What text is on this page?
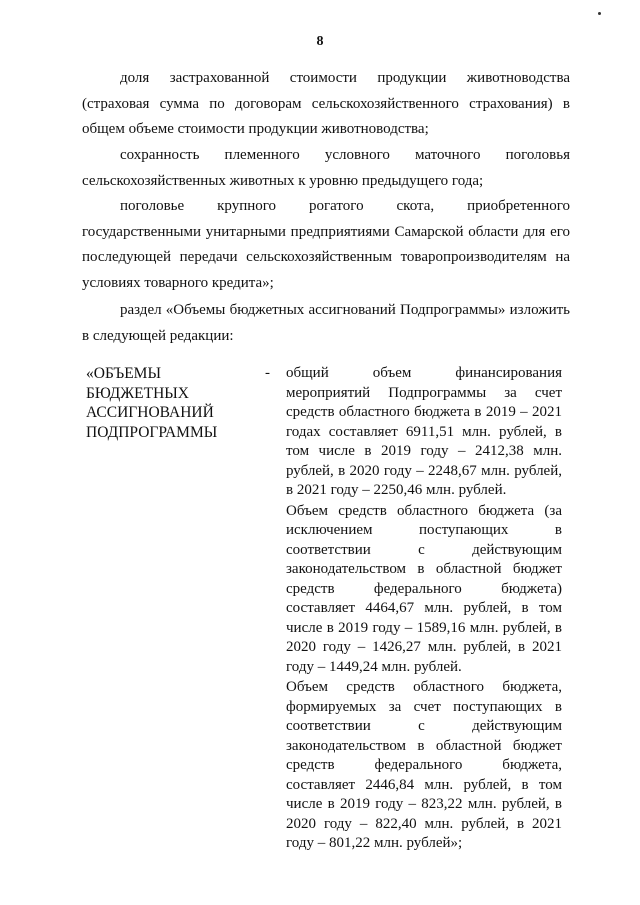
8

доля застрахованной стоимости продукции животноводства (страховая сумма по договорам сельскохозяйственного страхования) в общем объеме стоимости продукции животноводства;

сохранность племенного условного маточного поголовья сельскохозяйственных животных к уровню предыдущего года;

поголовье крупного рогатого скота, приобретенного государственными унитарными предприятиями Самарской области для его последующей передачи сельскохозяйственным товаропроизводителям на условиях товарного кредита»;

раздел «Объемы бюджетных ассигнований Подпрограммы» изложить в следующей редакции:

«ОБЪЕМЫ БЮДЖЕТНЫХ АССИГНОВАНИЙ ПОДПРОГРАММЫ
- общий объем финансирования мероприятий Подпрограммы за счет средств областного бюджета в 2019 – 2021 годах составляет 6911,51 млн. рублей, в том числе в 2019 году – 2412,38 млн. рублей, в 2020 году – 2248,67 млн. рублей, в 2021 году – 2250,46 млн. рублей.

Объем средств областного бюджета (за исключением поступающих в соответствии с действующим законодательством в областной бюджет средств федерального бюджета) составляет 4464,67 млн. рублей, в том числе в 2019 году – 1589,16 млн. рублей, в 2020 году – 1426,27 млн. рублей, в 2021 году – 1449,24 млн. рублей.

Объем средств областного бюджета, формируемых за счет поступающих в соответствии с действующим законодательством в областной бюджет средств федерального бюджета, составляет 2446,84 млн. рублей, в том числе в 2019 году – 823,22 млн. рублей, в 2020 году – 822,40 млн. рублей, в 2021 году – 801,22 млн. рублей»;
